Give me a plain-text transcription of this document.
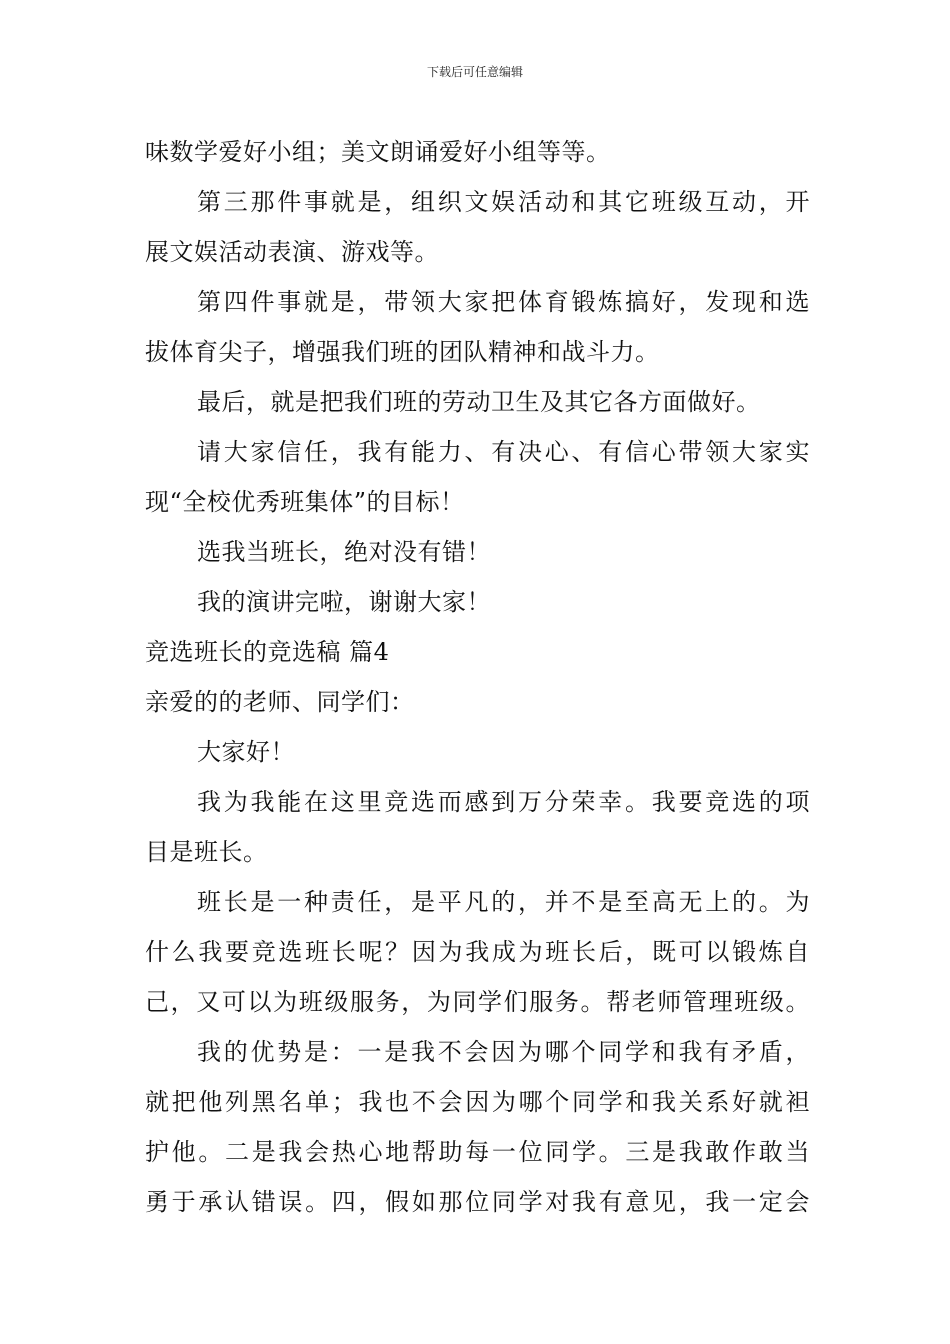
下载后可任意编辑
味数学爱好小组；美文朗诵爱好小组等等。
第三那件事就是，组织文娱活动和其它班级互动，开
展文娱活动表演、游戏等。
第四件事就是，带领大家把体育锻炼搞好，发现和选
拔体育尖子，增强我们班的团队精神和战斗力。
最后，就是把我们班的劳动卫生及其它各方面做好。
请大家信任，我有能力、有决心、有信心带领大家实
现“全校优秀班集体”的目标！
选我当班长，绝对没有错！
我的演讲完啦，谢谢大家！
竞选班长的竞选稿 篇4
亲爱的的老师、同学们：
大家好！
我为我能在这里竞选而感到万分荣幸。我要竞选的项
目是班长。
班长是一种责任，是平凡的，并不是至高无上的。为
什么我要竞选班长呢？因为我成为班长后，既可以锻炼自
己，又可以为班级服务，为同学们服务。帮老师管理班级。
我的优势是：一是我不会因为哪个同学和我有矛盾，
就把他列黑名单；我也不会因为哪个同学和我关系好就袒
护他。二是我会热心地帮助每一位同学。三是我敢作敢当
勇于承认错误。四，假如那位同学对我有意见，我一定会
